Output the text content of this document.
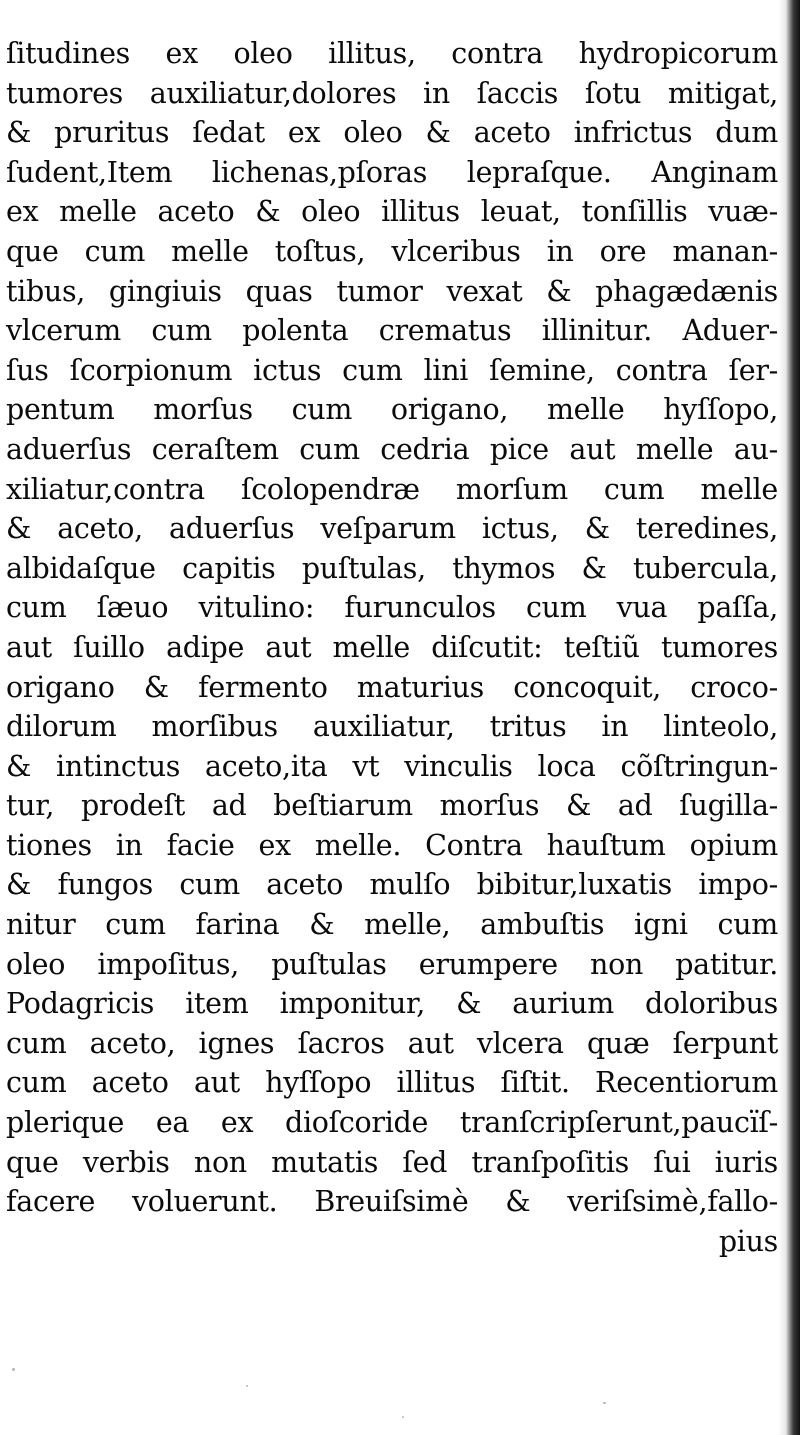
ſitudines ex oleo illitus, contra hydropicorum
tumores auxiliatur,dolores in ſaccis ſotu mitigat,
& pruritus ſedat ex oleo & aceto infrictus dum
ſudent,Item lichenas,pſoras lepraſque. Anginam
ex melle aceto & oleo illitus leuat, tonſillis vuæ-
que cum melle toſtus, vlceribus in ore manan-
tibus, gingiuis quas tumor vexat & phagædænis
vlcerum cum polenta crematus illinitur. Aduer-
ſus ſcorpionum ictus cum lini ſemine, contra ſer-
pentum morſus cum origano, melle hyſſopo,
aduerſus ceraſtem cum cedria pice aut melle au-
xiliatur,contra ſcolopendræ morſum cum melle
& aceto, aduerſus veſparum ictus, & teredines,
albidaſque capitis puſtulas, thymos & tubercula,
cum ſæuo vitulino: furunculos cum vua paſſa,
aut ſuillo adipe aut melle diſcutit: teſtiũ tumores
origano & fermento maturius concoquit, croco-
dilorum morſibus auxiliatur, tritus in linteolo,
& intinctus aceto,ita vt vinculis loca cõſtringun-
tur, prodeſt ad beſtiarum morſus & ad ſugilla-
tiones in facie ex melle. Contra hauſtum opium
& fungos cum aceto mulſo bibitur,luxatis impo-
nitur cum farina & melle, ambuſtis igni cum
oleo impoſitus, puſtulas erumpere non patitur.
Podagricis item imponitur, & aurium doloribus
cum aceto, ignes ſacros aut vlcera quæ ſerpunt
cum aceto aut hyſſopo illitus ſiſtit. Recentiorum
plerique ea ex dioſcoride tranſcripſerunt,paucïſ-
que verbis non mutatis ſed tranſpoſitis ſui iuris
facere voluerunt. Breuiſsimè & veriſsimè,fallo-
pius
